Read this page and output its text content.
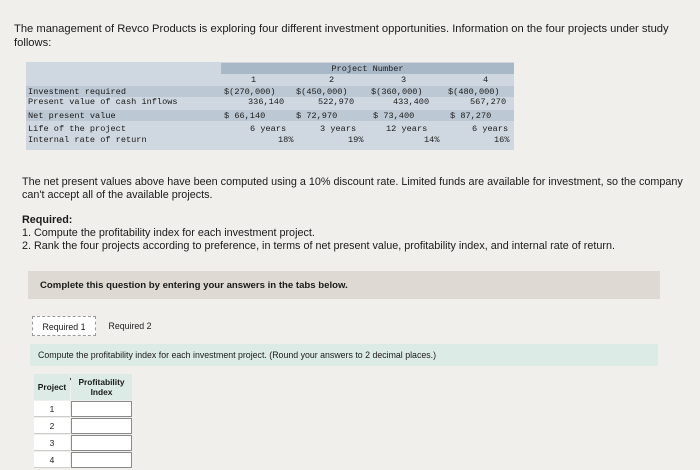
The management of Revco Products is exploring four different investment opportunities. Information on the four projects under study follows:
Project Number
1	2	3	4
Investment required	$(270,000) $(450,000)	$(360,000)	$(480,000)
Present value of cash inflows	336,140	522,970	433,400	567,270
Net present value	$ 66,140	$ 72,970	$ 73,400	$ 87,270
Life of the project	6 years	3 years	12 years	6 years
Internal rate of return	18%	19%	14%	16%
The net present values above have been computed using a 10% discount rate. Limited funds are available for investment, so the company can't accept all of the available projects.
Required:
1. Compute the profitability index for each investment project.
2. Rank the four projects according to preference, in terms of net present value, profitability index, and internal rate of return.
Complete this question by entering your answers in the tabs below.
Required 1	Required 2
Compute the profitability index for each investment project. (Round your answers to 2 decimal places.)
Project	Profitability
Index
1
2
3
4
